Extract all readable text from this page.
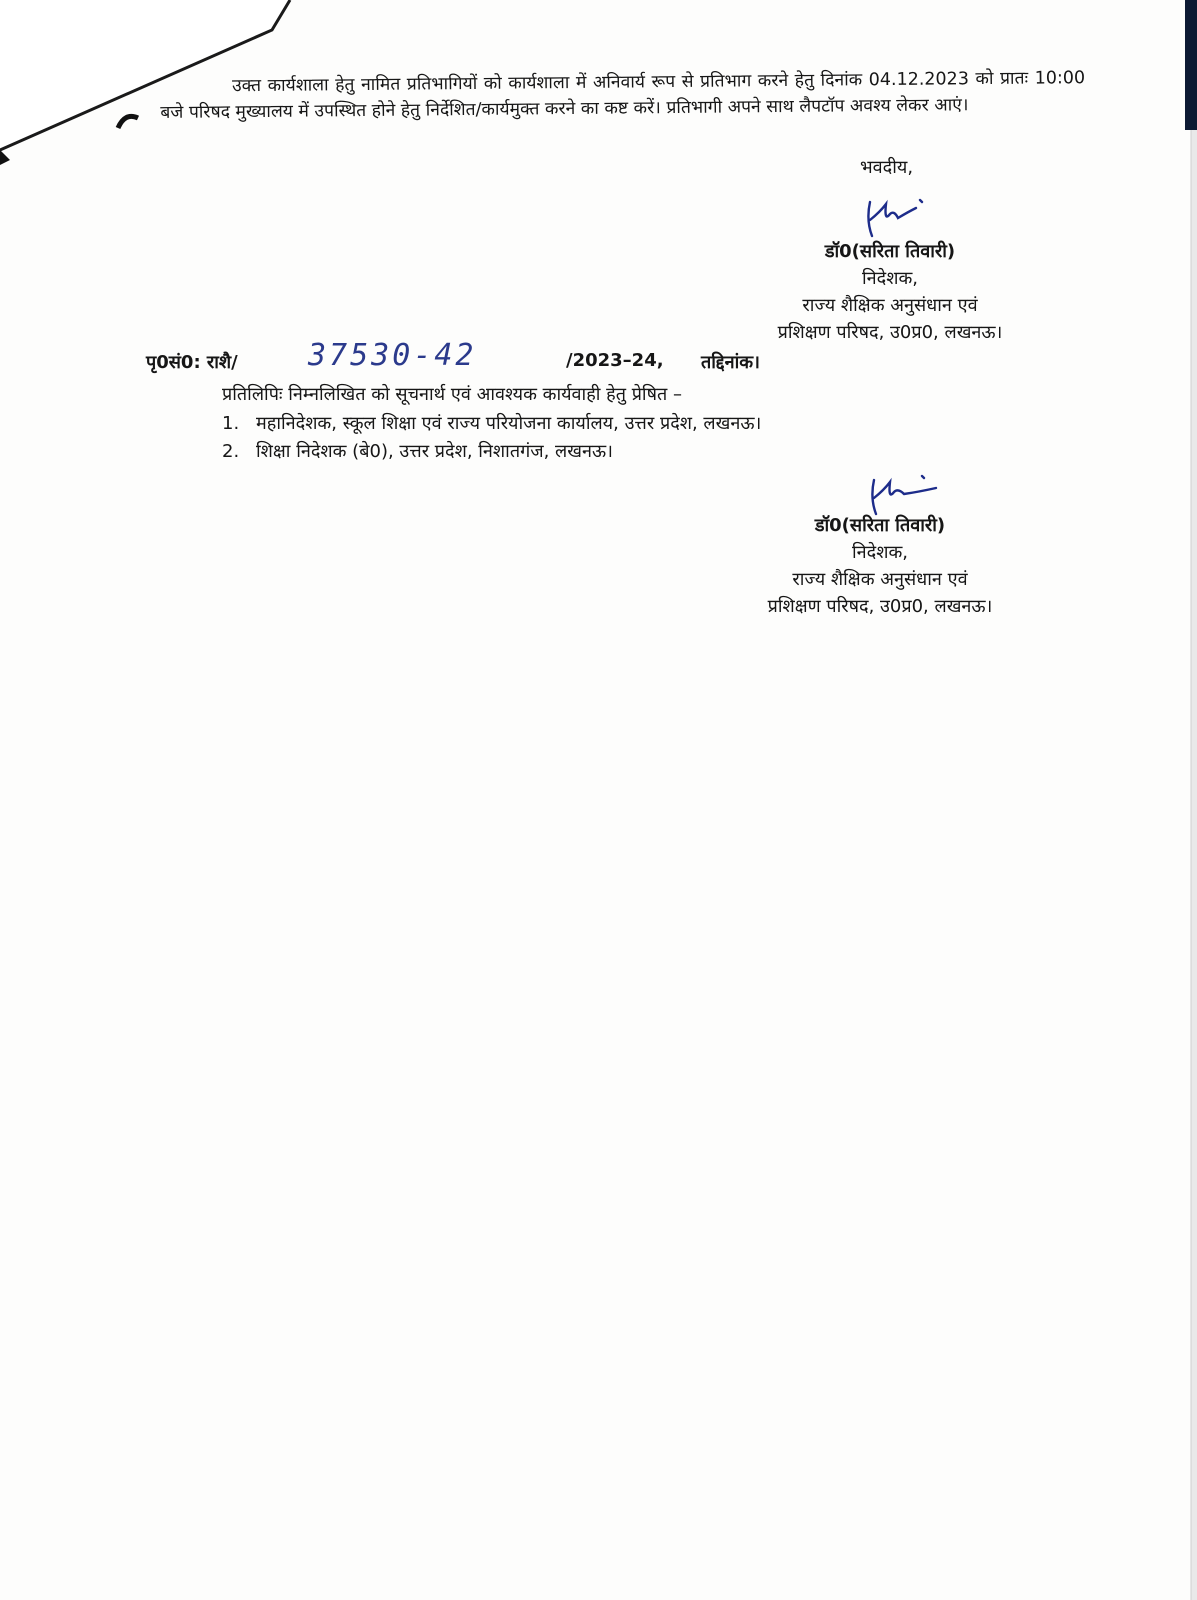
उक्त कार्यशाला हेतु नामित प्रतिभागियों को कार्यशाला में अनिवार्य रूप से प्रतिभाग करने हेतु दिनांक 04.12.2023 को प्रातः 10:00 बजे परिषद मुख्यालय में उपस्थित होने हेतु निर्देशित/कार्यमुक्त करने का कष्ट करें। प्रतिभागी अपने साथ लैपटॉप अवश्य लेकर आएं।
भवदीय,
डॉ0(सरिता तिवारी)
निदेशक,
राज्य शैक्षिक अनुसंधान एवं
प्रशिक्षण परिषद, उ0प्र0, लखनऊ।
पृ0सं0: राशै/ 37530-42	/2023–24, तद्दिनांक।
प्रतिलिपिः निम्नलिखित को सूचनार्थ एवं आवश्यक कार्यवाही हेतु प्रेषित –
1. महानिदेशक, स्कूल शिक्षा एवं राज्य परियोजना कार्यालय, उत्तर प्रदेश, लखनऊ।
2. शिक्षा निदेशक (बे0), उत्तर प्रदेश, निशातगंज, लखनऊ।
डॉ0(सरिता तिवारी)
निदेशक,
राज्य शैक्षिक अनुसंधान एवं
प्रशिक्षण परिषद, उ0प्र0, लखनऊ।
